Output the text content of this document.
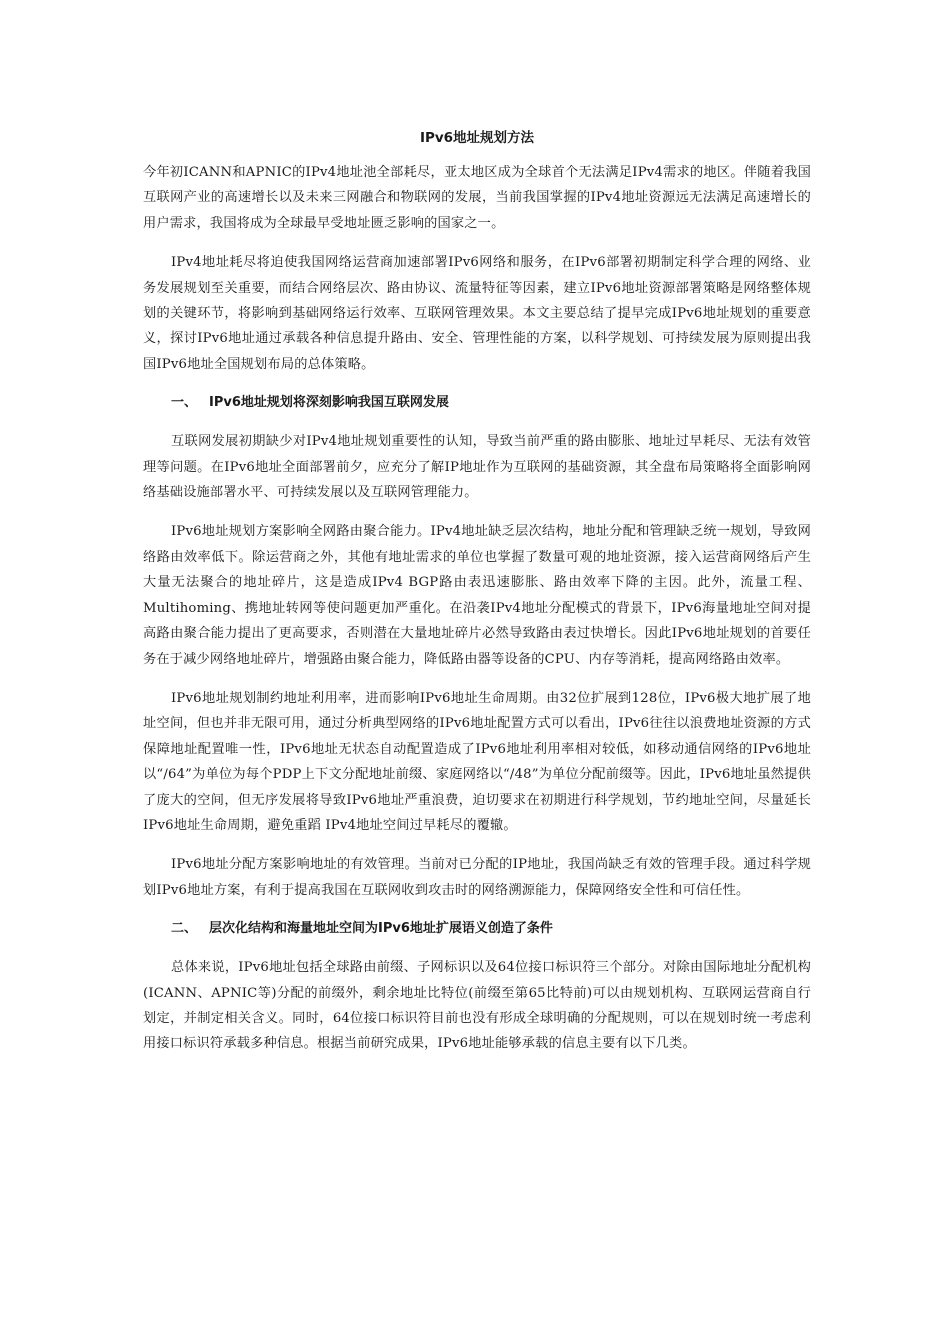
IPv6地址规划方法

今年初ICANN和APNIC的IPv4地址池全部耗尽，亚太地区成为全球首个无法满足IPv4需求的地区。伴随着我国互联网产业的高速增长以及未来三网融合和物联网的发展，当前我国掌握的IPv4地址资源远无法满足高速增长的用户需求，我国将成为全球最早受地址匮乏影响的国家之一。

IPv4地址耗尽将迫使我国网络运营商加速部署IPv6网络和服务，在IPv6部署初期制定科学合理的网络、业务发展规划至关重要，而结合网络层次、路由协议、流量特征等因素，建立IPv6地址资源部署策略是网络整体规划的关键环节，将影响到基础网络运行效率、互联网管理效果。本文主要总结了提早完成IPv6地址规划的重要意义，探讨IPv6地址通过承载各种信息提升路由、安全、管理性能的方案，以科学规划、可持续发展为原则提出我国IPv6地址全国规划布局的总体策略。

一、 IPv6地址规划将深刻影响我国互联网发展

互联网发展初期缺少对IPv4地址规划重要性的认知，导致当前严重的路由膨胀、地址过早耗尽、无法有效管理等问题。在IPv6地址全面部署前夕，应充分了解IP地址作为互联网的基础资源，其全盘布局策略将全面影响网络基础设施部署水平、可持续发展以及互联网管理能力。

IPv6地址规划方案影响全网路由聚合能力。IPv4地址缺乏层次结构，地址分配和管理缺乏统一规划，导致网络路由效率低下。除运营商之外，其他有地址需求的单位也掌握了数量可观的地址资源，接入运营商网络后产生大量无法聚合的地址碎片，这是造成IPv4 BGP路由表迅速膨胀、路由效率下降的主因。此外，流量工程、Multihoming、携地址转网等使问题更加严重化。在沿袭IPv4地址分配模式的背景下，IPv6海量地址空间对提高路由聚合能力提出了更高要求，否则潜在大量地址碎片必然导致路由表过快增长。因此IPv6地址规划的首要任务在于减少网络地址碎片，增强路由聚合能力，降低路由器等设备的CPU、内存等消耗，提高网络路由效率。

IPv6地址规划制约地址利用率，进而影响IPv6地址生命周期。由32位扩展到128位，IPv6极大地扩展了地址空间，但也并非无限可用，通过分析典型网络的IPv6地址配置方式可以看出，IPv6往往以浪费地址资源的方式保障地址配置唯一性，IPv6地址无状态自动配置造成了IPv6地址利用率相对较低，如移动通信网络的IPv6地址以“/64”为单位为每个PDP上下文分配地址前缀、家庭网络以“/48”为单位分配前缀等。因此，IPv6地址虽然提供了庞大的空间，但无序发展将导致IPv6地址严重浪费，迫切要求在初期进行科学规划，节约地址空间，尽量延长IPv6地址生命周期，避免重蹈 IPv4地址空间过早耗尽的覆辙。

IPv6地址分配方案影响地址的有效管理。当前对已分配的IP地址，我国尚缺乏有效的管理手段。通过科学规划IPv6地址方案，有利于提高我国在互联网收到攻击时的网络溯源能力，保障网络安全性和可信任性。

二、 层次化结构和海量地址空间为IPv6地址扩展语义创造了条件

总体来说，IPv6地址包括全球路由前缀、子网标识以及64位接口标识符三个部分。对除由国际地址分配机构(ICANN、APNIC等)分配的前缀外，剩余地址比特位(前缀至第65比特前)可以由规划机构、互联网运营商自行划定，并制定相关含义。同时，64位接口标识符目前也没有形成全球明确的分配规则，可以在规划时统一考虑利用接口标识符承载多种信息。根据当前研究成果，IPv6地址能够承载的信息主要有以下几类。
